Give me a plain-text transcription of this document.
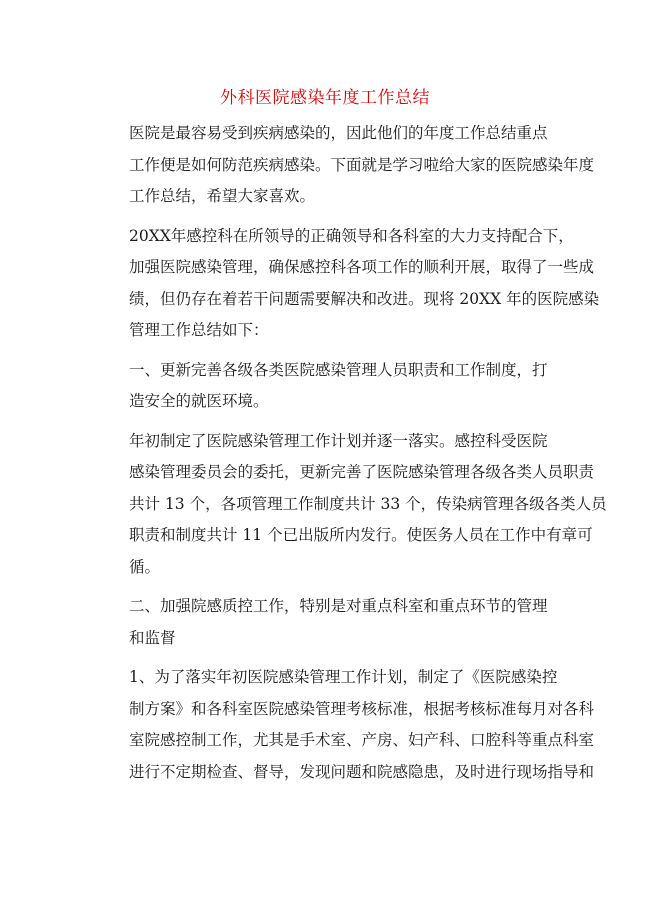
外科医院感染年度工作总结

医院是最容易受到疾病感染的，因此他们的年度工作总结重点
工作便是如何防范疾病感染。下面就是学习啦给大家的医院感染年度
工作总结，希望大家喜欢。

20XX年感控科在所领导的正确领导和各科室的大力支持配合下，
加强医院感染管理，确保感控科各项工作的顺利开展，取得了一些成
绩，但仍存在着若干问题需要解决和改进。现将 20XX 年的医院感染
管理工作总结如下：

一、更新完善各级各类医院感染管理人员职责和工作制度，打
造安全的就医环境。

年初制定了医院感染管理工作计划并逐一落实。感控科受医院
感染管理委员会的委托，更新完善了医院感染管理各级各类人员职责
共计 13 个，各项管理工作制度共计 33 个，传染病管理各级各类人员
职责和制度共计 11 个已出版所内发行。使医务人员在工作中有章可
循。

二、加强院感质控工作，特别是对重点科室和重点环节的管理
和监督

1、为了落实年初医院感染管理工作计划，制定了《医院感染控
制方案》和各科室医院感染管理考核标准，根据考核标准每月对各科
室院感控制工作，尤其是手术室、产房、妇产科、口腔科等重点科室
进行不定期检查、督导，发现问题和院感隐患，及时进行现场指导和
